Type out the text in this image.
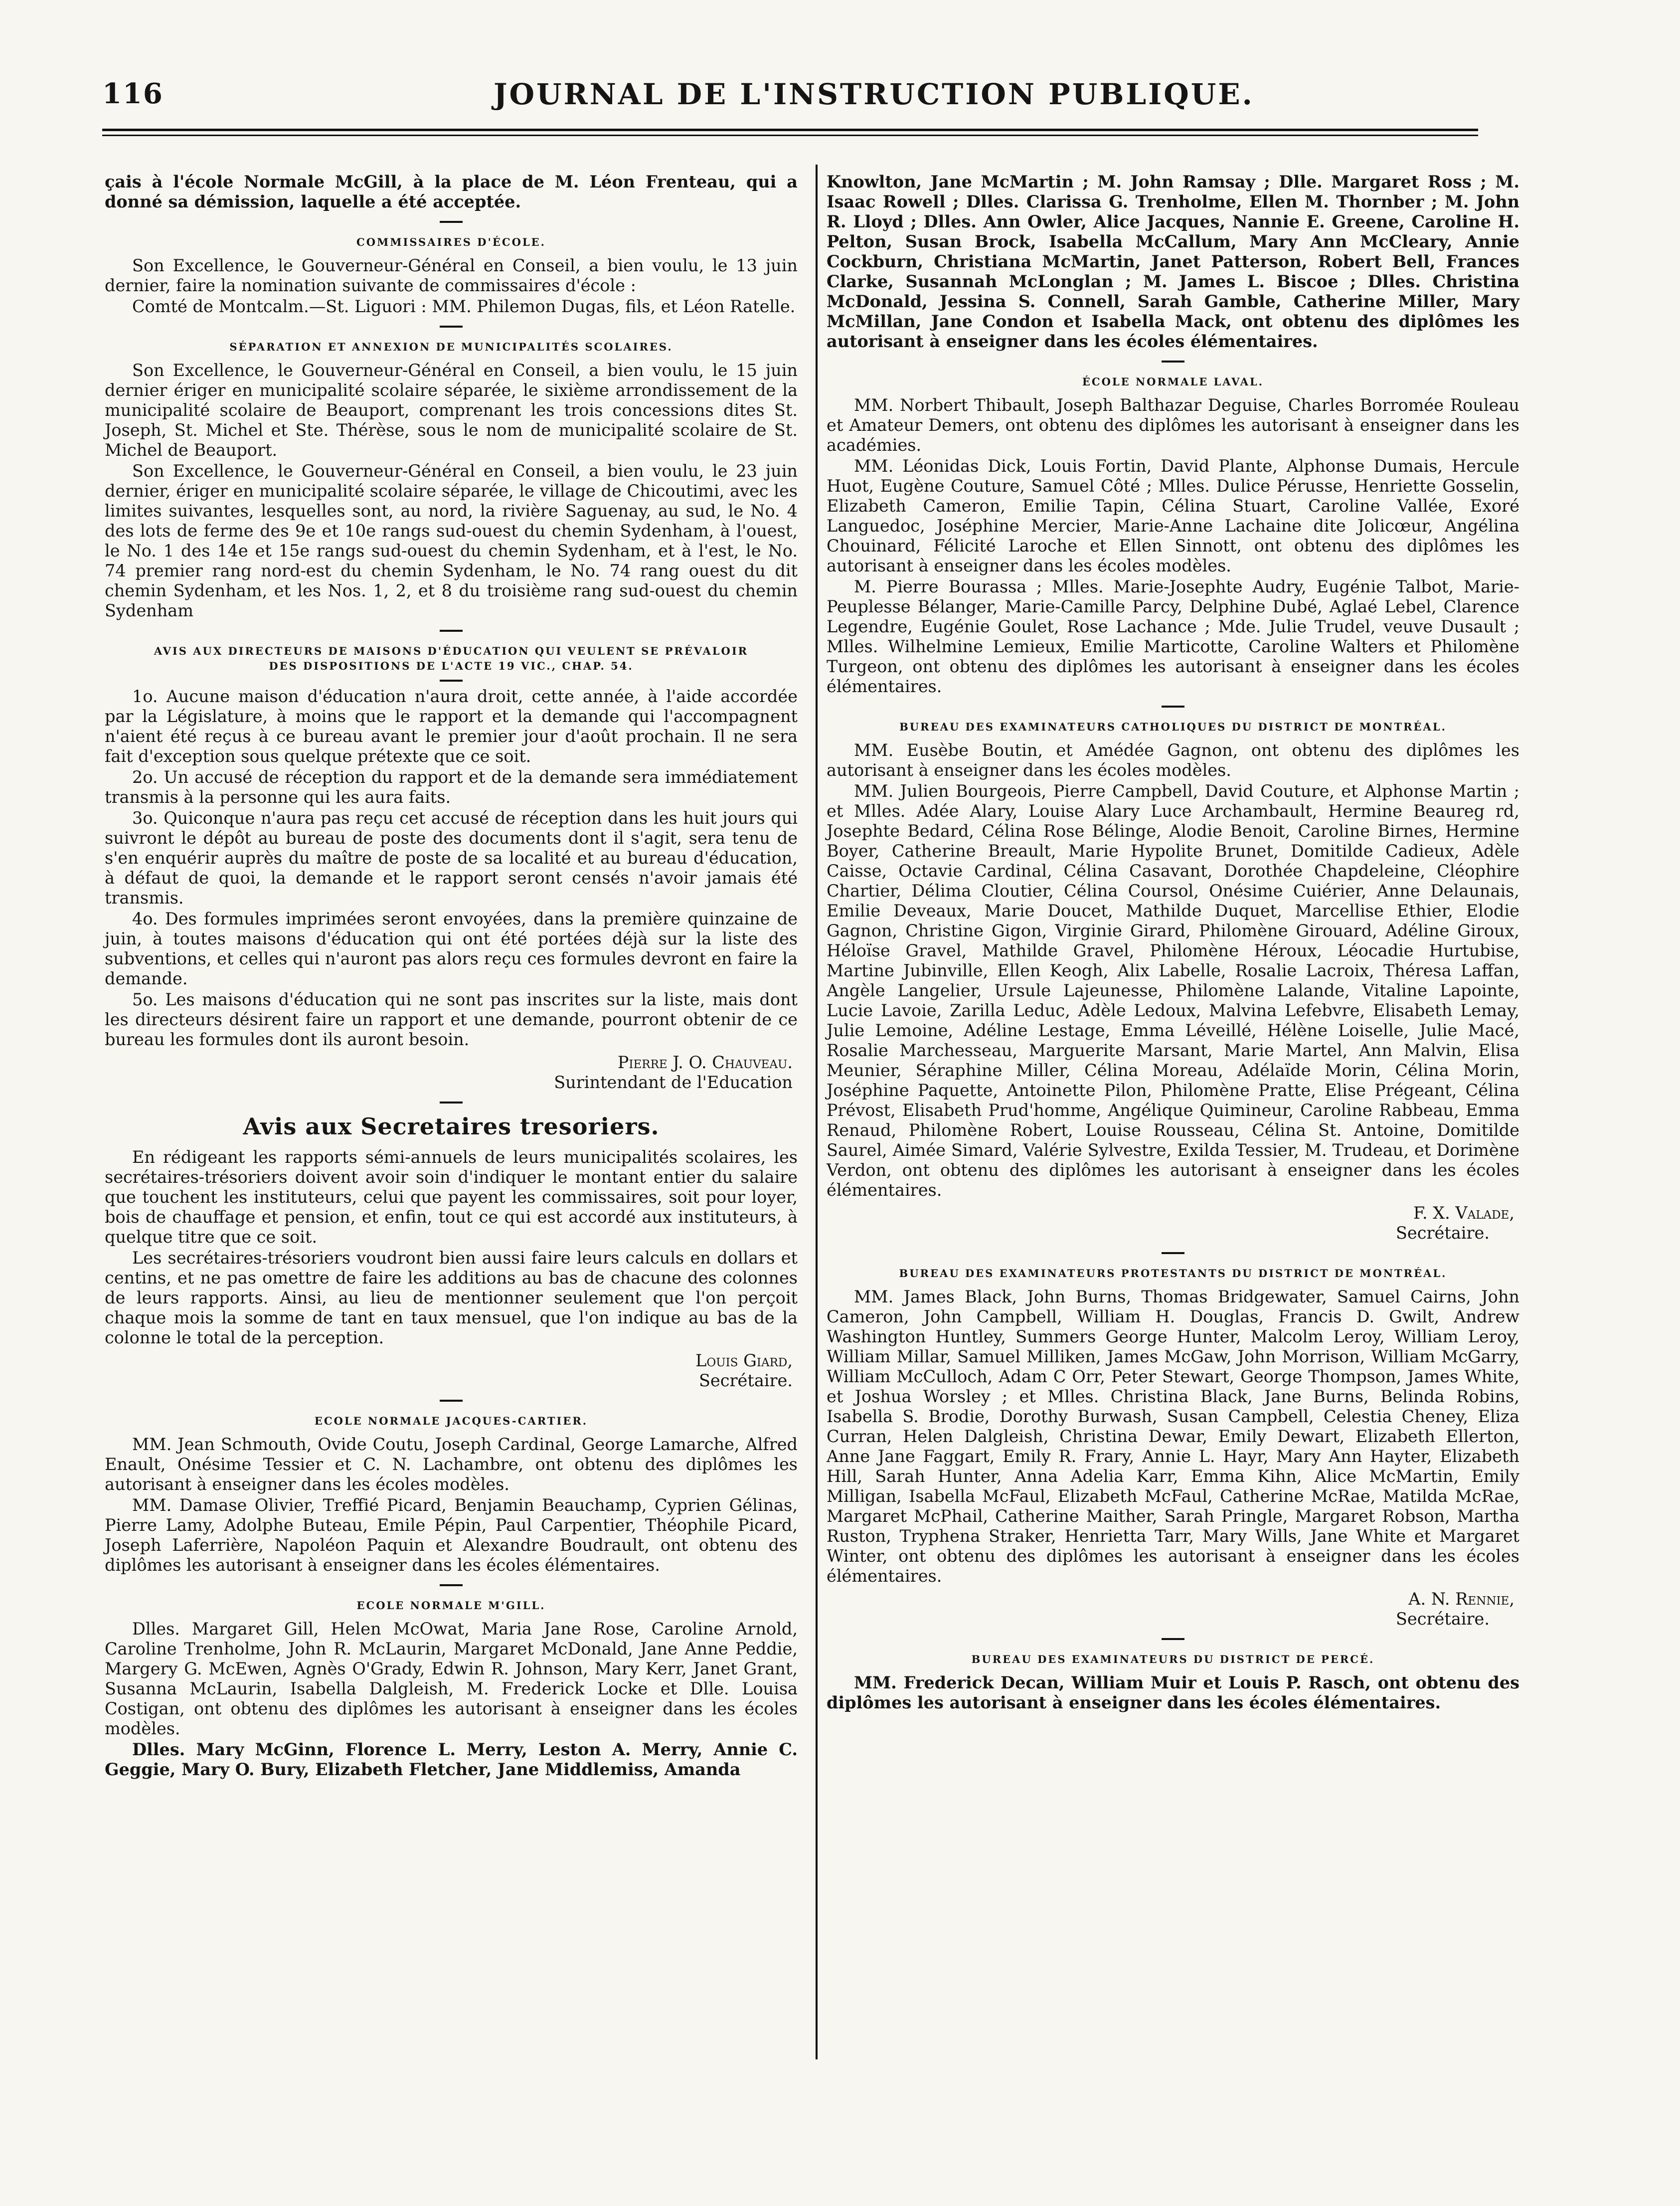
116	JOURNAL DE L'INSTRUCTION PUBLIQUE.

çais à l'école Normale McGill, à la place de M. Léon Frenteau, qui a donné sa démission, laquelle a été acceptée.

COMMISSAIRES D'ÉCOLE.

Son Excellence, le Gouverneur-Général en Conseil, a bien voulu, le 13 juin dernier, faire la nomination suivante de commissaires d'école :

Comté de Montcalm.—St. Liguori : MM. Philemon Dugas, fils, et Léon Ratelle.

SÉPARATION ET ANNEXION DE MUNICIPALITÉS SCOLAIRES.

Son Excellence, le Gouverneur-Général en Conseil, a bien voulu, le 15 juin dernier ériger en municipalité scolaire séparée, le sixième arrondissement de la municipalité scolaire de Beauport, comprenant les trois concessions dites St. Joseph, St. Michel et Ste. Thérèse, sous le nom de municipalité scolaire de St. Michel de Beauport.

Son Excellence, le Gouverneur-Général en Conseil, a bien voulu, le 23 juin dernier, ériger en municipalité scolaire séparée, le village de Chicoutimi, avec les limites suivantes, lesquelles sont, au nord, la rivière Saguenay, au sud, le No. 4 des lots de ferme des 9e et 10e rangs sud-ouest du chemin Sydenham, à l'ouest, le No. 1 des 14e et 15e rangs sud-ouest du chemin Sydenham, et à l'est, le No. 74 premier rang nord-est du chemin Sydenham, le No. 74 rang ouest du dit chemin Sydenham, et les Nos. 1, 2, et 8 du troisième rang sud-ouest du chemin Sydenham

AVIS AUX DIRECTEURS DE MAISONS D'ÉDUCATION QUI VEULENT SE PRÉVALOIR
DES DISPOSITIONS DE L'ACTE 19 VIC., CHAP. 54.

1o. Aucune maison d'éducation n'aura droit, cette année, à l'aide accordée par la Législature, à moins que le rapport et la demande qui l'accompagnent n'aient été reçus à ce bureau avant le premier jour d'août prochain. Il ne sera fait d'exception sous quelque prétexte que ce soit.

2o. Un accusé de réception du rapport et de la demande sera immédiatement transmis à la personne qui les aura faits.

3o. Quiconque n'aura pas reçu cet accusé de réception dans les huit jours qui suivront le dépôt au bureau de poste des documents dont il s'agit, sera tenu de s'en enquérir auprès du maître de poste de sa localité et au bureau d'éducation, à défaut de quoi, la demande et le rapport seront censés n'avoir jamais été transmis.

4o. Des formules imprimées seront envoyées, dans la première quinzaine de juin, à toutes maisons d'éducation qui ont été portées déjà sur la liste des subventions, et celles qui n'auront pas alors reçu ces formules devront en faire la demande.

5o. Les maisons d'éducation qui ne sont pas inscrites sur la liste, mais dont les directeurs désirent faire un rapport et une demande, pourront obtenir de ce bureau les formules dont ils auront besoin.

Pierre J. O. Chauveau.
Surintendant de l'Education
Avis aux Secretaires tresoriers.

En rédigeant les rapports sémi-annuels de leurs municipalités scolaires, les secrétaires-trésoriers doivent avoir soin d'indiquer le montant entier du salaire que touchent les instituteurs, celui que payent les commissaires, soit pour loyer, bois de chauffage et pension, et enfin, tout ce qui est accordé aux instituteurs, à quelque titre que ce soit.

Les secrétaires-trésoriers voudront bien aussi faire leurs calculs en dollars et centins, et ne pas omettre de faire les additions au bas de chacune des colonnes de leurs rapports. Ainsi, au lieu de mentionner seulement que l'on perçoit chaque mois la somme de tant en taux mensuel, que l'on indique au bas de la colonne le total de la perception.

Louis Giard,
Secrétaire.
ECOLE NORMALE JACQUES-CARTIER.

MM. Jean Schmouth, Ovide Coutu, Joseph Cardinal, George Lamarche, Alfred Enault, Onésime Tessier et C. N. Lachambre, ont obtenu des diplômes les autorisant à enseigner dans les écoles modèles.

MM. Damase Olivier, Treffié Picard, Benjamin Beauchamp, Cyprien Gélinas, Pierre Lamy, Adolphe Buteau, Emile Pépin, Paul Carpentier, Théophile Picard, Joseph Laferrière, Napoléon Paquin et Alexandre Boudrault, ont obtenu des diplômes les autorisant à enseigner dans les écoles élémentaires.

ECOLE NORMALE M'GILL.

Dlles. Margaret Gill, Helen McOwat, Maria Jane Rose, Caroline Arnold, Caroline Trenholme, John R. McLaurin, Margaret McDonald, Jane Anne Peddie, Margery G. McEwen, Agnès O'Grady, Edwin R. Johnson, Mary Kerr, Janet Grant, Susanna McLaurin, Isabella Dalgleish, M. Frederick Locke et Dlle. Louisa Costigan, ont obtenu des diplômes les autorisant à enseigner dans les écoles modèles.

Dlles. Mary McGinn, Florence L. Merry, Leston A. Merry, Annie C. Geggie, Mary O. Bury, Elizabeth Fletcher, Jane Middlemiss, Amanda

Knowlton, Jane McMartin ; M. John Ramsay ; Dlle. Margaret Ross ; M. Isaac Rowell ; Dlles. Clarissa G. Trenholme, Ellen M. Thornber ; M. John R. Lloyd ; Dlles. Ann Owler, Alice Jacques, Nannie E. Greene, Caroline H. Pelton, Susan Brock, Isabella McCallum, Mary Ann McCleary, Annie Cockburn, Christiana McMartin, Janet Patterson, Robert Bell, Frances Clarke, Susannah McLonglan ; M. James L. Biscoe ; Dlles. Christina McDonald, Jessina S. Connell, Sarah Gamble, Catherine Miller, Mary McMillan, Jane Condon et Isabella Mack, ont obtenu des diplômes les autorisant à enseigner dans les écoles élémentaires.

ÉCOLE NORMALE LAVAL.

MM. Norbert Thibault, Joseph Balthazar Deguise, Charles Borromée Rouleau et Amateur Demers, ont obtenu des diplômes les autorisant à enseigner dans les académies.

MM. Léonidas Dick, Louis Fortin, David Plante, Alphonse Dumais, Hercule Huot, Eugène Couture, Samuel Côté ; Mlles. Dulice Pérusse, Henriette Gosselin, Elizabeth Cameron, Emilie Tapin, Célina Stuart, Caroline Vallée, Exoré Languedoc, Joséphine Mercier, Marie-Anne Lachaine dite Jolicœur, Angélina Chouinard, Félicité Laroche et Ellen Sinnott, ont obtenu des diplômes les autorisant à enseigner dans les écoles modèles.

M. Pierre Bourassa ; Mlles. Marie-Josephte Audry, Eugénie Talbot, Marie-Peuplesse Bélanger, Marie-Camille Parcy, Delphine Dubé, Aglaé Lebel, Clarence Legendre, Eugénie Goulet, Rose Lachance ; Mde. Julie Trudel, veuve Dusault ; Mlles. Wilhelmine Lemieux, Emilie Marticotte, Caroline Walters et Philomène Turgeon, ont obtenu des diplômes les autorisant à enseigner dans les écoles élémentaires.

BUREAU DES EXAMINATEURS CATHOLIQUES DU DISTRICT DE MONTRÉAL.

MM. Eusèbe Boutin, et Amédée Gagnon, ont obtenu des diplômes les autorisant à enseigner dans les écoles modèles.

MM. Julien Bourgeois, Pierre Campbell, David Couture, et Alphonse Martin ; et Mlles. Adée Alary, Louise Alary Luce Archambault, Hermine Beaureg rd, Josephte Bedard, Célina Rose Bélinge, Alodie Benoit, Caroline Birnes, Hermine Boyer, Catherine Breault, Marie Hypolite Brunet, Domitilde Cadieux, Adèle Caisse, Octavie Cardinal, Célina Casavant, Dorothée Chapdeleine, Cléophire Chartier, Délima Cloutier, Célina Coursol, Onésime Cuiérier, Anne Delaunais, Emilie Deveaux, Marie Doucet, Mathilde Duquet, Marcellise Ethier, Elodie Gagnon, Christine Gigon, Virginie Girard, Philomène Girouard, Adéline Giroux, Héloïse Gravel, Mathilde Gravel, Philomène Héroux, Léocadie Hurtubise, Martine Jubinville, Ellen Keogh, Alix Labelle, Rosalie Lacroix, Théresa Laffan, Angèle Langelier, Ursule Lajeunesse, Philomène Lalande, Vitaline Lapointe, Lucie Lavoie, Zarilla Leduc, Adèle Ledoux, Malvina Lefebvre, Elisabeth Lemay, Julie Lemoine, Adéline Lestage, Emma Léveillé, Hélène Loiselle, Julie Macé, Rosalie Marchesseau, Marguerite Marsant, Marie Martel, Ann Malvin, Elisa Meunier, Séraphine Miller, Célina Moreau, Adélaïde Morin, Célina Morin, Joséphine Paquette, Antoinette Pilon, Philomène Pratte, Elise Prégeant, Célina Prévost, Elisabeth Prud'homme, Angélique Quimineur, Caroline Rabbeau, Emma Renaud, Philomène Robert, Louise Rousseau, Célina St. Antoine, Domitilde Saurel, Aimée Simard, Valérie Sylvestre, Exilda Tessier, M. Trudeau, et Dorimène Verdon, ont obtenu des diplômes les autorisant à enseigner dans les écoles élémentaires.

F. X. Valade,
Secrétaire.
BUREAU DES EXAMINATEURS PROTESTANTS DU DISTRICT DE MONTRÉAL.

MM. James Black, John Burns, Thomas Bridgewater, Samuel Cairns, John Cameron, John Campbell, William H. Douglas, Francis D. Gwilt, Andrew Washington Huntley, Summers George Hunter, Malcolm Leroy, William Leroy, William Millar, Samuel Milliken, James McGaw, John Morrison, William McGarry, William McCulloch, Adam C Orr, Peter Stewart, George Thompson, James White, et Joshua Worsley ; et Mlles. Christina Black, Jane Burns, Belinda Robins, Isabella S. Brodie, Dorothy Burwash, Susan Campbell, Celestia Cheney, Eliza Curran, Helen Dalgleish, Christina Dewar, Emily Dewart, Elizabeth Ellerton, Anne Jane Faggart, Emily R. Frary, Annie L. Hayr, Mary Ann Hayter, Elizabeth Hill, Sarah Hunter, Anna Adelia Karr, Emma Kihn, Alice McMartin, Emily Milligan, Isabella McFaul, Elizabeth McFaul, Catherine McRae, Matilda McRae, Margaret McPhail, Catherine Maither, Sarah Pringle, Margaret Robson, Martha Ruston, Tryphena Straker, Henrietta Tarr, Mary Wills, Jane White et Margaret Winter, ont obtenu des diplômes les autorisant à enseigner dans les écoles élémentaires.

A. N. Rennie,
Secrétaire.
BUREAU DES EXAMINATEURS DU DISTRICT DE PERCÉ.

MM. Frederick Decan, William Muir et Louis P. Rasch, ont obtenu des diplômes les autorisant à enseigner dans les écoles élémentaires.
